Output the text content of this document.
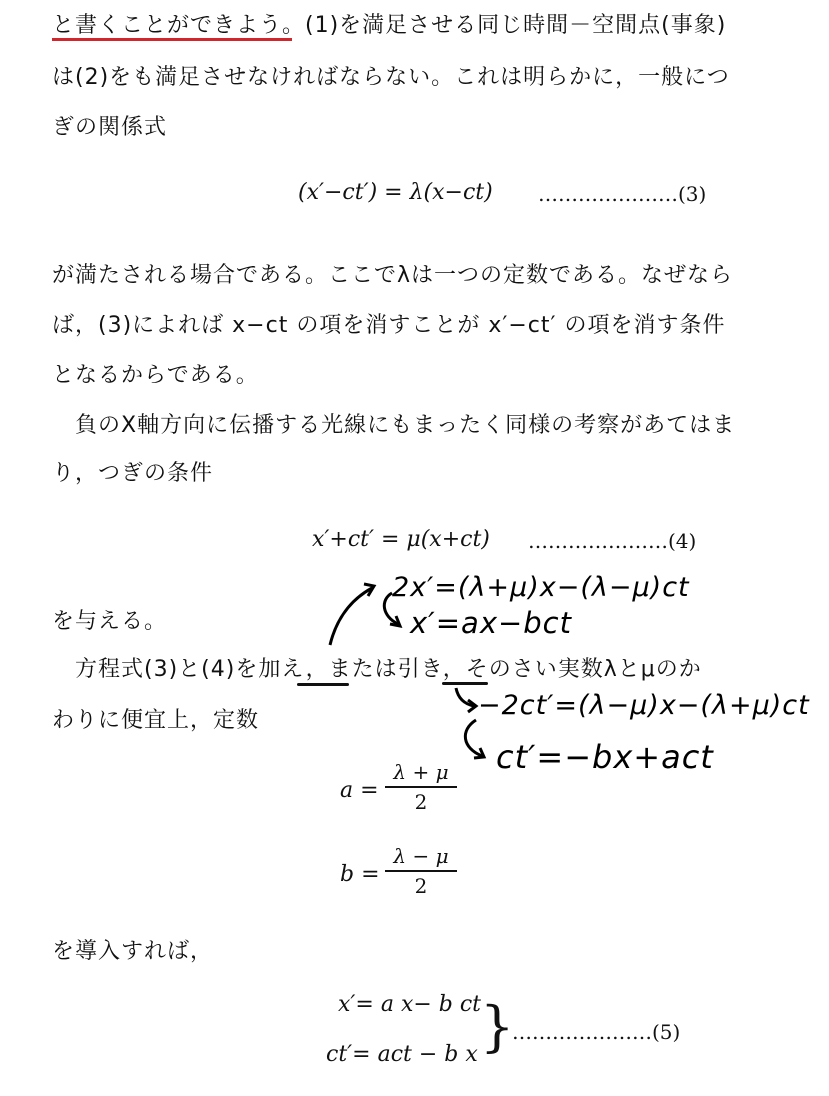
と書くことができよう。(1)を満足させる同じ時間－空間点(事象)
は(2)をも満足させなければならない。これは明らかに，一般につ
ぎの関係式
(x′−ct′) = λ(x−ct) …………………(3)
が満たされる場合である。ここでλは一つの定数である。なぜなら
ば，(3)によれば x−ct の項を消すことが x′−ct′ の項を消す条件
となるからである。
負のX軸方向に伝播する光線にもまったく同様の考察があてはま
り，つぎの条件
x′+ct′ = μ(x+ct) …………………(4)
2x′=(λ+μ)x−(λ−μ)ct
x′=ax−bct
を与える。
方程式(3)と(4)を加え，または引き，そのさい実数λとμのか
わりに便宜上，定数	−2ct′=(λ−μ)x−(λ+μ)ct
ct′=−bx+act
a =
λ + μ
2
b =
λ − μ
2
を導入すれば，
x′= a x− b ct
ct′= act − b x }
…………………(5)
